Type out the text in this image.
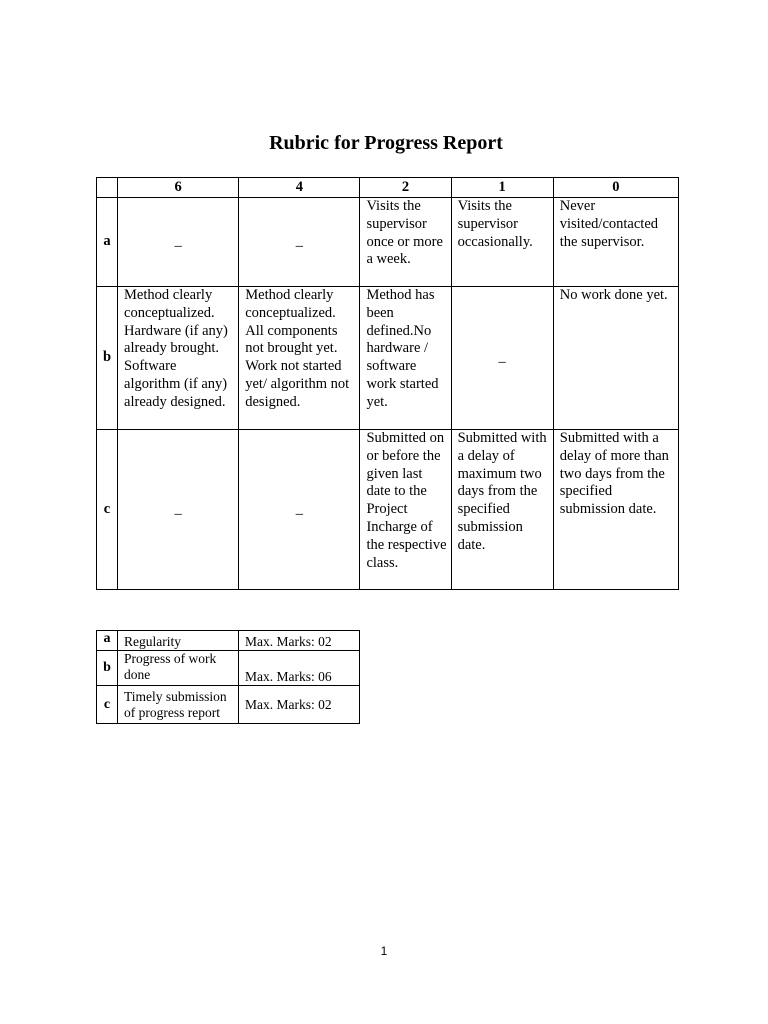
Rubric for Progress Report
	6	4	2	1	0
a	_	_	Visits the supervisor once or more a week.	Visits the supervisor occasionally.	Never visited/contacted the supervisor.
b	Method clearly conceptualized. Hardware (if any) already brought. Software algorithm (if any) already designed.	Method clearly conceptualized. All components not brought yet. Work not started yet/ algorithm not designed.	Method has been defined.No hardware / software work started yet.	_	No work done yet.
c	_	_	Submitted on or before the given last date to the Project Incharge of the respective class.	Submitted with a delay of maximum two days from the specified submission date.	Submitted with a delay of more than two days from the specified submission date.
a	Regularity	Max. Marks: 02
b	Progress of work done	Max. Marks: 06
c	Timely submission of progress report	Max. Marks: 02
1
